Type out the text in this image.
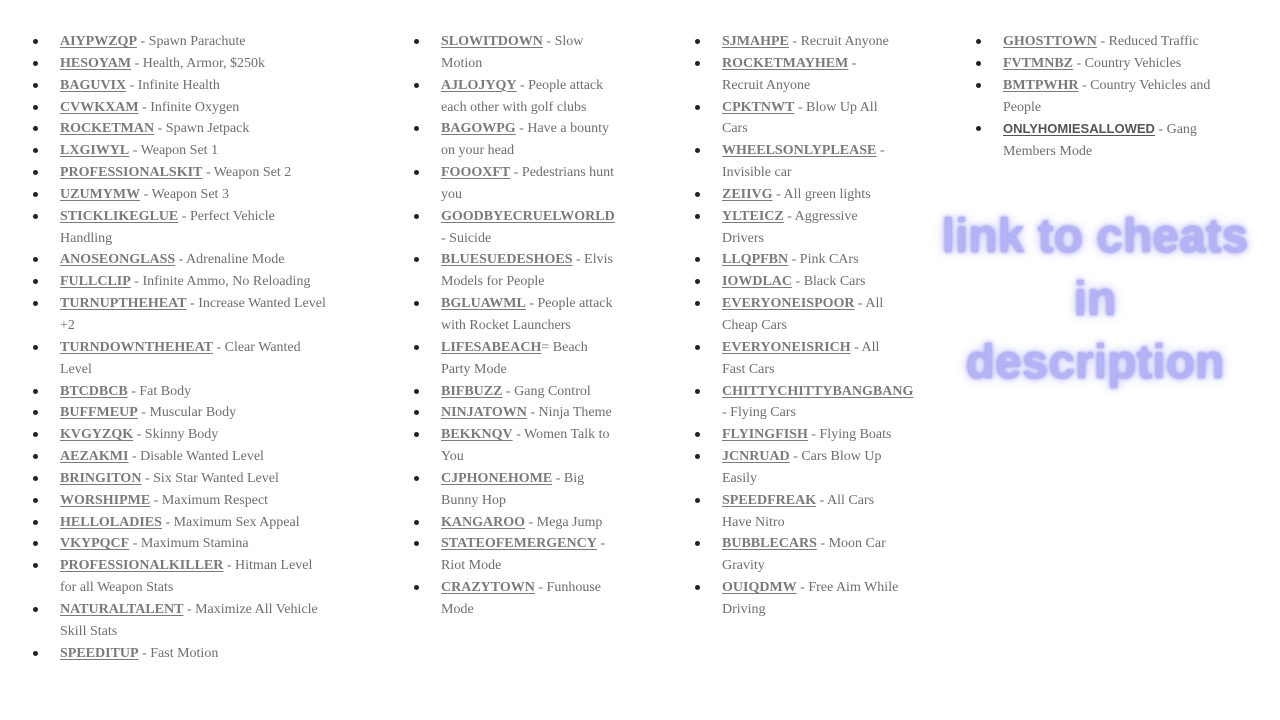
AIYPWZQP - Spawn Parachute
HESOYAM - Health, Armor, $250k
BAGUVIX - Infinite Health
CVWKXAM - Infinite Oxygen
ROCKETMAN - Spawn Jetpack
LXGIWYL - Weapon Set 1
PROFESSIONALSKIT - Weapon Set 2
UZUMYMW - Weapon Set 3
STICKLIKEGLUE - Perfect Vehicle Handling
ANOSEONGLASS - Adrenaline Mode
FULLCLIP - Infinite Ammo, No Reloading
TURNUPTHEHEAT - Increase Wanted Level +2
TURNDOWNTHEHEAT - Clear Wanted Level
BTCDBCB - Fat Body
BUFFMEUP - Muscular Body
KVGYZQK - Skinny Body
AEZAKMI - Disable Wanted Level
BRINGITON - Six Star Wanted Level
WORSHIPME - Maximum Respect
HELLOLADIES - Maximum Sex Appeal
VKYPQCF - Maximum Stamina
PROFESSIONALKILLER - Hitman Level for all Weapon Stats
NATURALTALENT - Maximize All Vehicle Skill Stats
SPEEDITUP - Fast Motion
SLOWITDOWN - Slow Motion
AJLOJYQY - People attack each other with golf clubs
BAGOWPG - Have a bounty on your head
FOOOXFT - Pedestrians hunt you
GOODBYECRUELWORLD - Suicide
BLUESUEDESHOES - Elvis Models for People
BGLUAWML - People attack with Rocket Launchers
LIFESABEACH= Beach Party Mode
BIFBUZZ - Gang Control
NINJATOWN - Ninja Theme
BEKKNQV - Women Talk to You
CJPHONEHOME - Big Bunny Hop
KANGAROO - Mega Jump
STATEOFEMERGENCY - Riot Mode
CRAZYTOWN - Funhouse Mode
SJMAHPE - Recruit Anyone
ROCKETMAYHEM - Recruit Anyone
CPKTNWT - Blow Up All Cars
WHEELSONLYPLEASE - Invisible car
ZEIIVG - All green lights
YLTEICZ - Aggressive Drivers
LLQPFBN - Pink CArs
IOWDLAC - Black Cars
EVERYONEISPOOR - All Cheap Cars
EVERYONEISRICH - All Fast Cars
CHITTYCHITTYBANGBANG - Flying Cars
FLYINGFISH - Flying Boats
JCNRUAD - Cars Blow Up Easily
SPEEDFREAK - All Cars Have Nitro
BUBBLECARS - Moon Car Gravity
OUIQDMW - Free Aim While Driving
GHOSTTOWN - Reduced Traffic
FVTMNBZ - Country Vehicles
BMTPWHR - Country Vehicles and People
ONLYHOMIESALLOWED - Gang Members Mode
link to cheats
in
description
